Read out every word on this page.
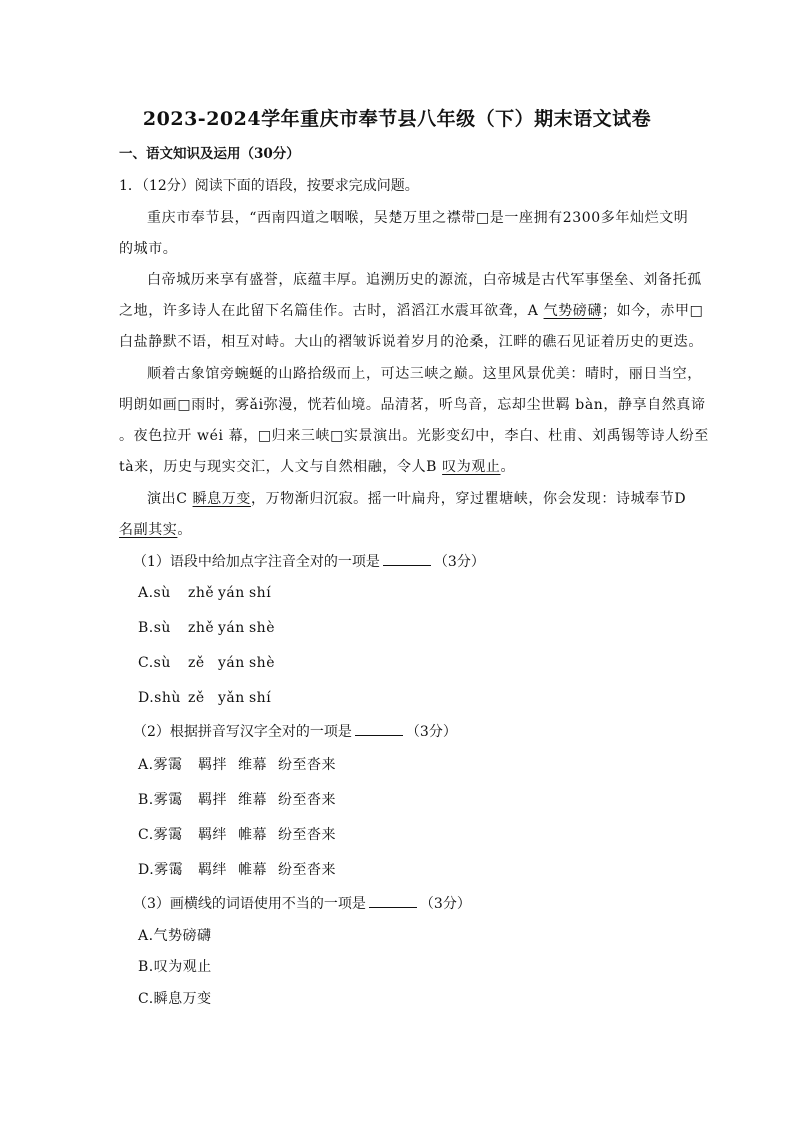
2023-2024学年重庆市奉节县八年级（下）期末语文试卷
一、语文知识及运用（30分）
1．（12分）阅读下面的语段，按要求完成问题。
重庆市奉节县，“西南四道之咽喉，吴楚万里之襟带□是一座拥有2300多年灿烂文明
的城市。
白帝城历来享有盛誉，底蕴丰厚。追溯历史的源流，白帝城是古代军事堡垒、刘备托孤
之地，许多诗人在此留下名篇佳作。古时，滔滔江水震耳欲聋，A 气势磅礴；如今，赤甲□
白盐静默不语，相互对峙。大山的褶皱诉说着岁月的沧桑，江畔的礁石见证着历史的更迭。
顺着古象馆旁蜿蜒的山路拾级而上，可达三峡之巅。这里风景优美：晴时，丽日当空，
明朗如画□雨时，雾ǎi弥漫，恍若仙境。品清茗，听鸟音，忘却尘世羁 bàn，静享自然真谛
。夜色拉开 wéi 幕，□归来三峡□实景演出。光影变幻中，李白、杜甫、刘禹锡等诗人纷至
tà来，历史与现实交汇，人文与自然相融，令人B 叹为观止。
演出C 瞬息万变，万物渐归沉寂。摇一叶扁舟，穿过瞿塘峡，你会发现：诗城奉节D
名副其实。
（1）语段中给加点字注音全对的一项是	（3分）
A.sù zhě yán shí
B.sù zhě yán shè
C.sù zě yán shè
D.shù zě yǎn shí
（2）根据拼音写汉字全对的一项是	（3分）
A.雾霭 羁拌 维幕 纷至沓来
B.雾霭 羁拌 维幕 纷至沓来
C.雾霭 羁绊 帷幕 纷至沓来
D.雾霭 羁绊 帷幕 纷至沓来
（3）画横线的词语使用不当的一项是	（3分）
A.气势磅礴
B.叹为观止
C.瞬息万变
